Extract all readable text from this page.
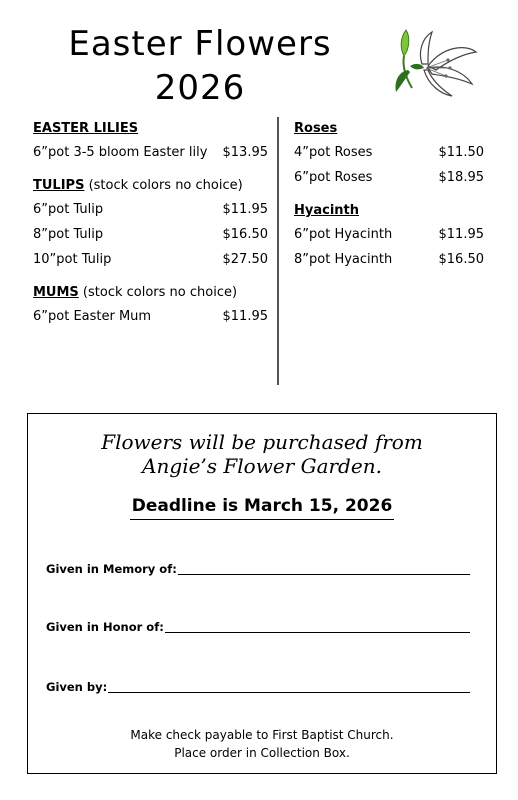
Easter Flowers
2026
EASTER LILIES
6”pot 3-5 bloom Easter lily $13.95
TULIPS (stock colors no choice)
6”pot Tulip	$11.95
8”pot Tulip	$16.50
10”pot Tulip	$27.50
MUMS (stock colors no choice)
6”pot Easter Mum	$11.95
Roses
4”pot Roses	$11.50
6”pot Roses	$18.95
Hyacinth
6”pot Hyacinth	$11.95
8”pot Hyacinth	$16.50
Flowers will be purchased from
Angie’s Flower Garden.
Deadline is March 15, 2026
Given in Memory of:
Given in Honor of:
Given by:
Make check payable to First Baptist Church.
Place order in Collection Box.
